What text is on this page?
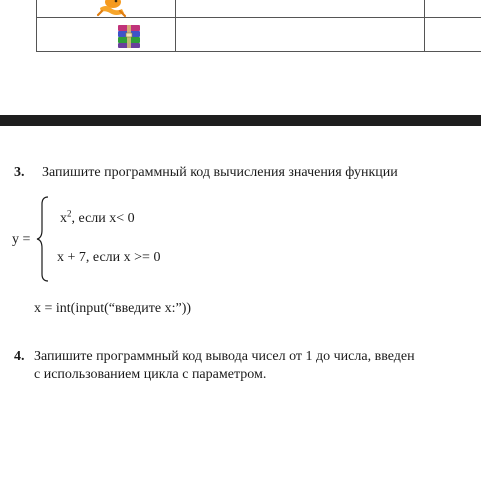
3. Запишите программный код вычисления значения функции
y =
$x^2$, если x< 0
x + 7, если x >= 0
x = int(input(“введите x:”))
4. Запишите программный код вывода чисел от 1 до числа, введен
с использованием цикла с параметром.
